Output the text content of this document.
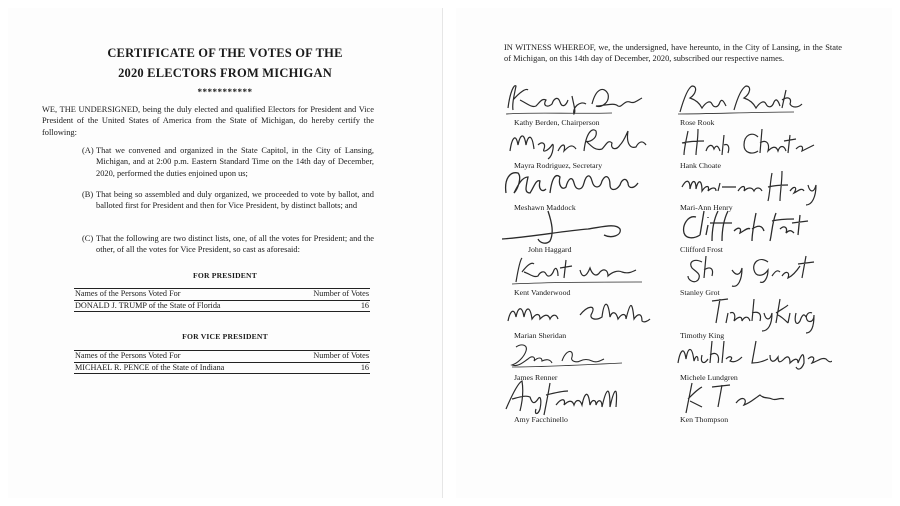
CERTIFICATE OF THE VOTES OF THE
2020 ELECTORS FROM MICHIGAN
***********

WE, THE UNDERSIGNED, being the duly elected and qualified Electors for President and Vice President of the United States of America from the State of Michigan, do hereby certify the following:

(A) That we convened and organized in the State Capitol, in the City of Lansing, Michigan, and at 2:00 p.m. Eastern Standard Time on the 14th day of December, 2020, performed the duties enjoined upon us;
(B) That being so assembled and duly organized, we proceeded to vote by ballot, and balloted first for President and then for Vice President, by distinct ballots; and
(C) That the following are two distinct lists, one, of all the votes for President; and the other, of all the votes for Vice President, so cast as aforesaid:
FOR PRESIDENT
Names of the Persons Voted For	Number of Votes
DONALD J. TRUMP of the State of Florida	16
FOR VICE PRESIDENT
Names of the Persons Voted For	Number of Votes
MICHAEL R. PENCE of the State of Indiana	16

IN WITNESS WHEREOF, we, the undersigned, have hereunto, in the City of Lansing, in the State of Michigan, on this 14th day of December, 2020, subscribed our respective names.

Kathy Berden, Chairperson
Mayra Rodriguez, Secretary
Meshawn Maddock
John Haggard
Kent Vanderwood
Marian Sheridan
James Renner
Amy Facchinello
Rose Rook
Hank Choate
Mari-Ann Henry
Clifford Frost
Stanley Grot
Timothy King
Michele Lundgren
Ken Thompson
